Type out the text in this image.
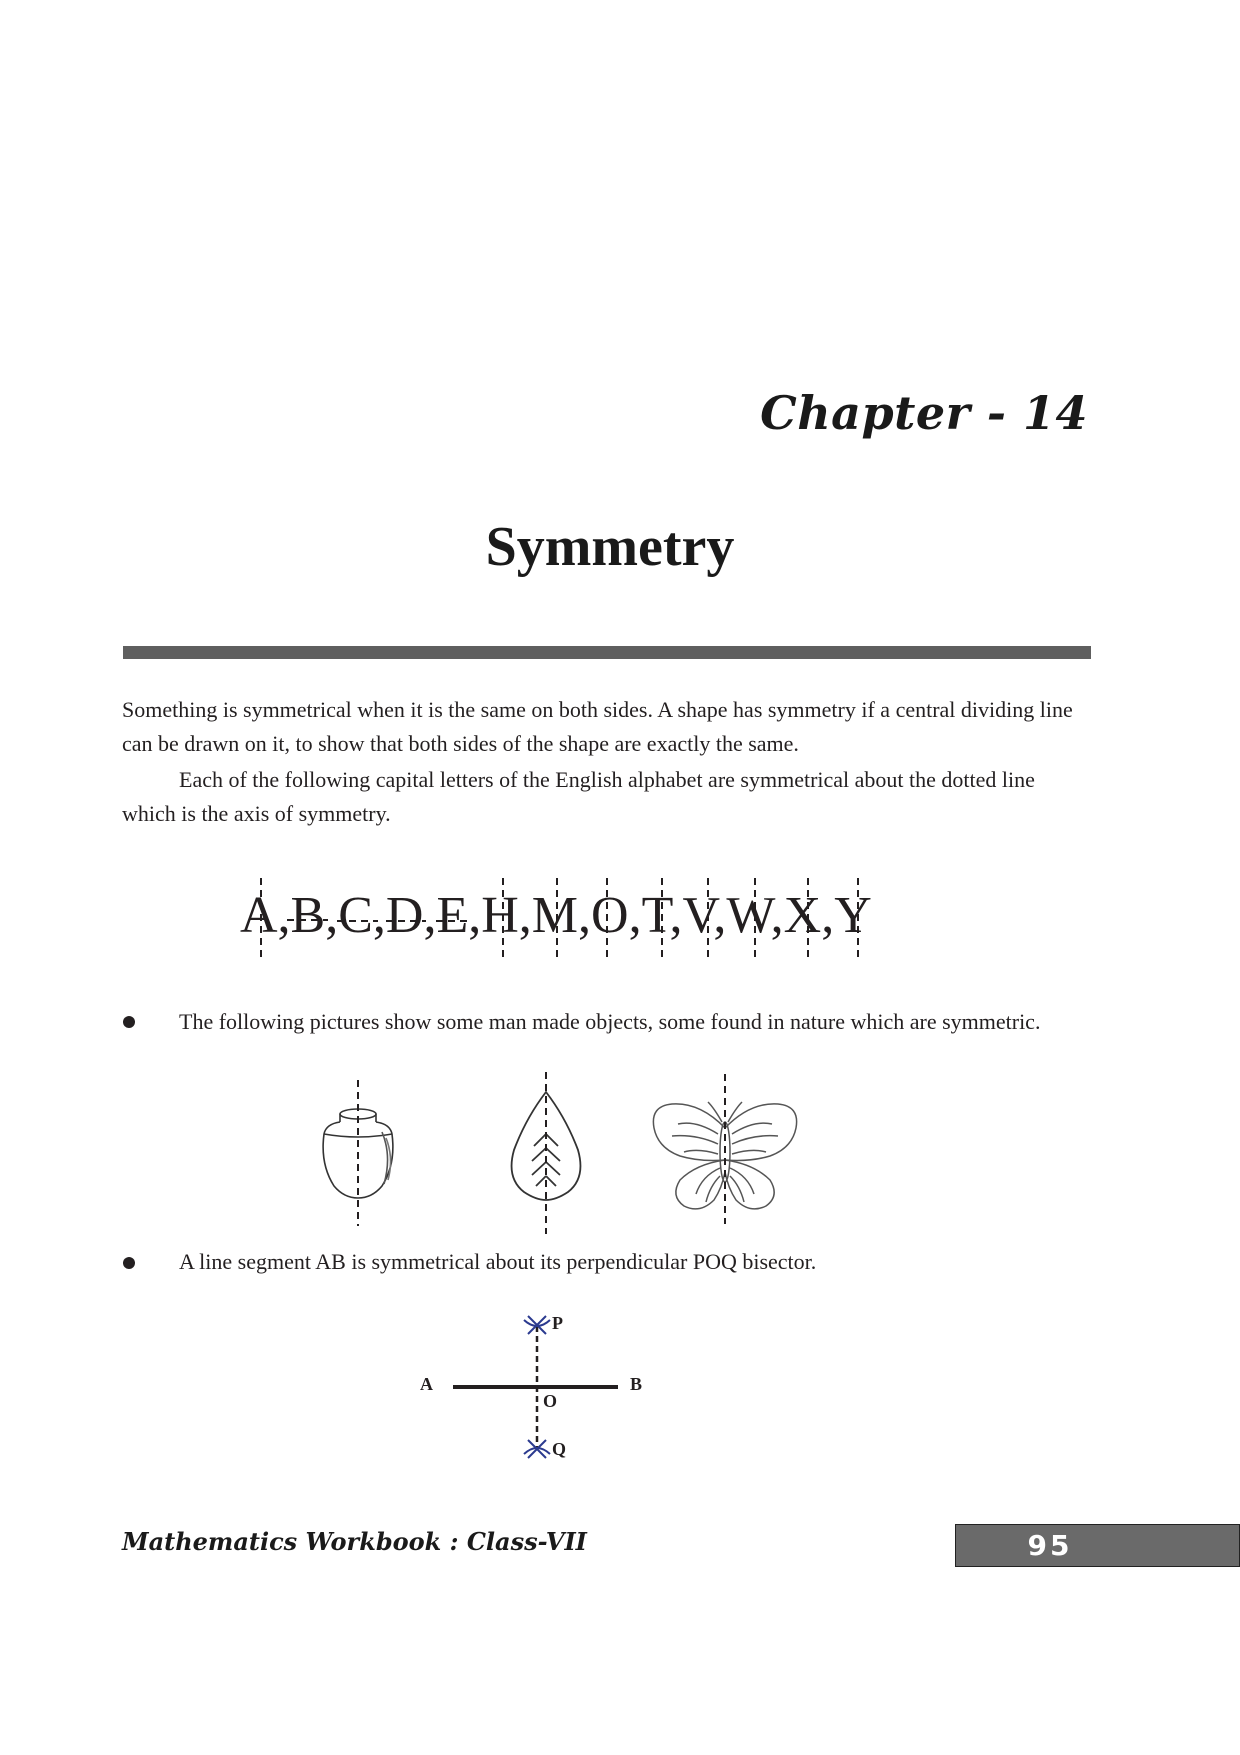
Chapter - 14
Symmetry
Something is symmetrical when it is the same on both sides. A shape has symmetry if a central dividing line can be drawn on it, to show that both sides of the shape are exactly the same.
Each of the following capital letters of the English alphabet are symmetrical about the dotted line which is the axis of symmetry.
A,B,C,D,E,H,M,O,T,V,W,X,Y
The following pictures show some man made objects, some found in nature which are symmetric.
A line segment AB is symmetrical about its perpendicular POQ bisector.
A	B
O
P
Q
Mathematics Workbook : Class-VII	95
